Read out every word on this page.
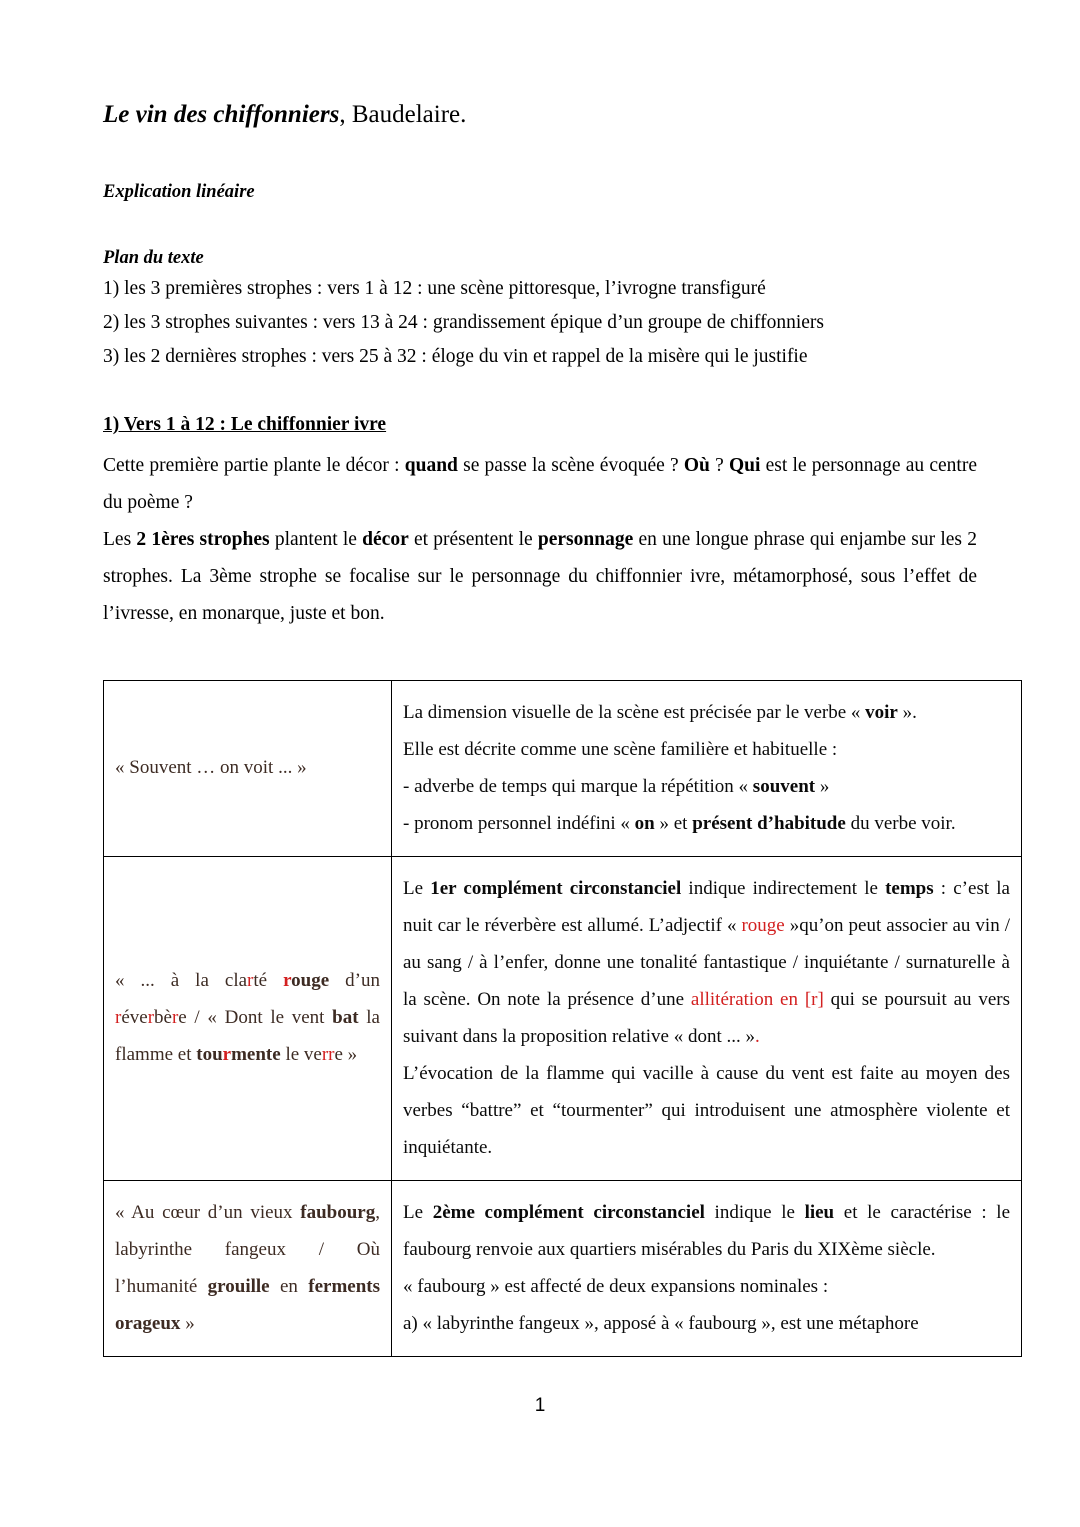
Le vin des chiffonniers, Baudelaire.

Explication linéaire

Plan du texte

1) les 3 premières strophes : vers 1 à 12 : une scène pittoresque, l’ivrogne transfiguré

2) les 3 strophes suivantes : vers 13 à 24 : grandissement épique d’un groupe de chiffonniers

3) les 2 dernières strophes : vers 25 à 32 : éloge du vin et rappel de la misère qui le justifie

1) Vers 1 à 12 : Le chiffonnier ivre

Cette première partie plante le décor : quand se passe la scène évoquée ? Où ? Qui est le personnage au centre du poème ?

Les 2 1ères strophes plantent le décor et présentent le personnage en une longue phrase qui enjambe sur les 2 strophes. La 3ème strophe se focalise sur le personnage du chiffonnier ivre, métamorphosé, sous l’effet de l’ivresse, en monarque, juste et bon.

« Souvent … on voit ... »	La dimension visuelle de la scène est précisée par le verbe « voir ».

Elle est décrite comme une scène familière et habituelle :

- adverbe de temps qui marque la répétition « souvent »

- pronom personnel indéfini « on » et présent d’habitude du verbe voir.

« ... à la clarté rouge d’un réverbère / « Dont le vent bat la flamme et tourmente le verre »	Le 1er complément circonstanciel indique indirectement le temps : c’est la nuit car le réverbère est allumé. L’adjectif « rouge »qu’on peut associer au vin / au sang / à l’enfer, donne une tonalité fantastique / inquiétante / surnaturelle à la scène. On note la présence d’une allitération en [r] qui se poursuit au vers suivant dans la proposition relative « dont ... ».

L’évocation de la flamme qui vacille à cause du vent est faite au moyen des verbes “battre” et “tourmenter” qui introduisent une atmosphère violente et inquiétante.

« Au cœur d’un vieux faubourg, labyrinthe fangeux / Où l’humanité grouille en ferments orageux »	Le 2ème complément circonstanciel indique le lieu et le caractérise : le faubourg renvoie aux quartiers misérables du Paris du XIXème siècle.

« faubourg » est affecté de deux expansions nominales :

a) « labyrinthe fangeux », apposé à « faubourg », est une métaphore

1
